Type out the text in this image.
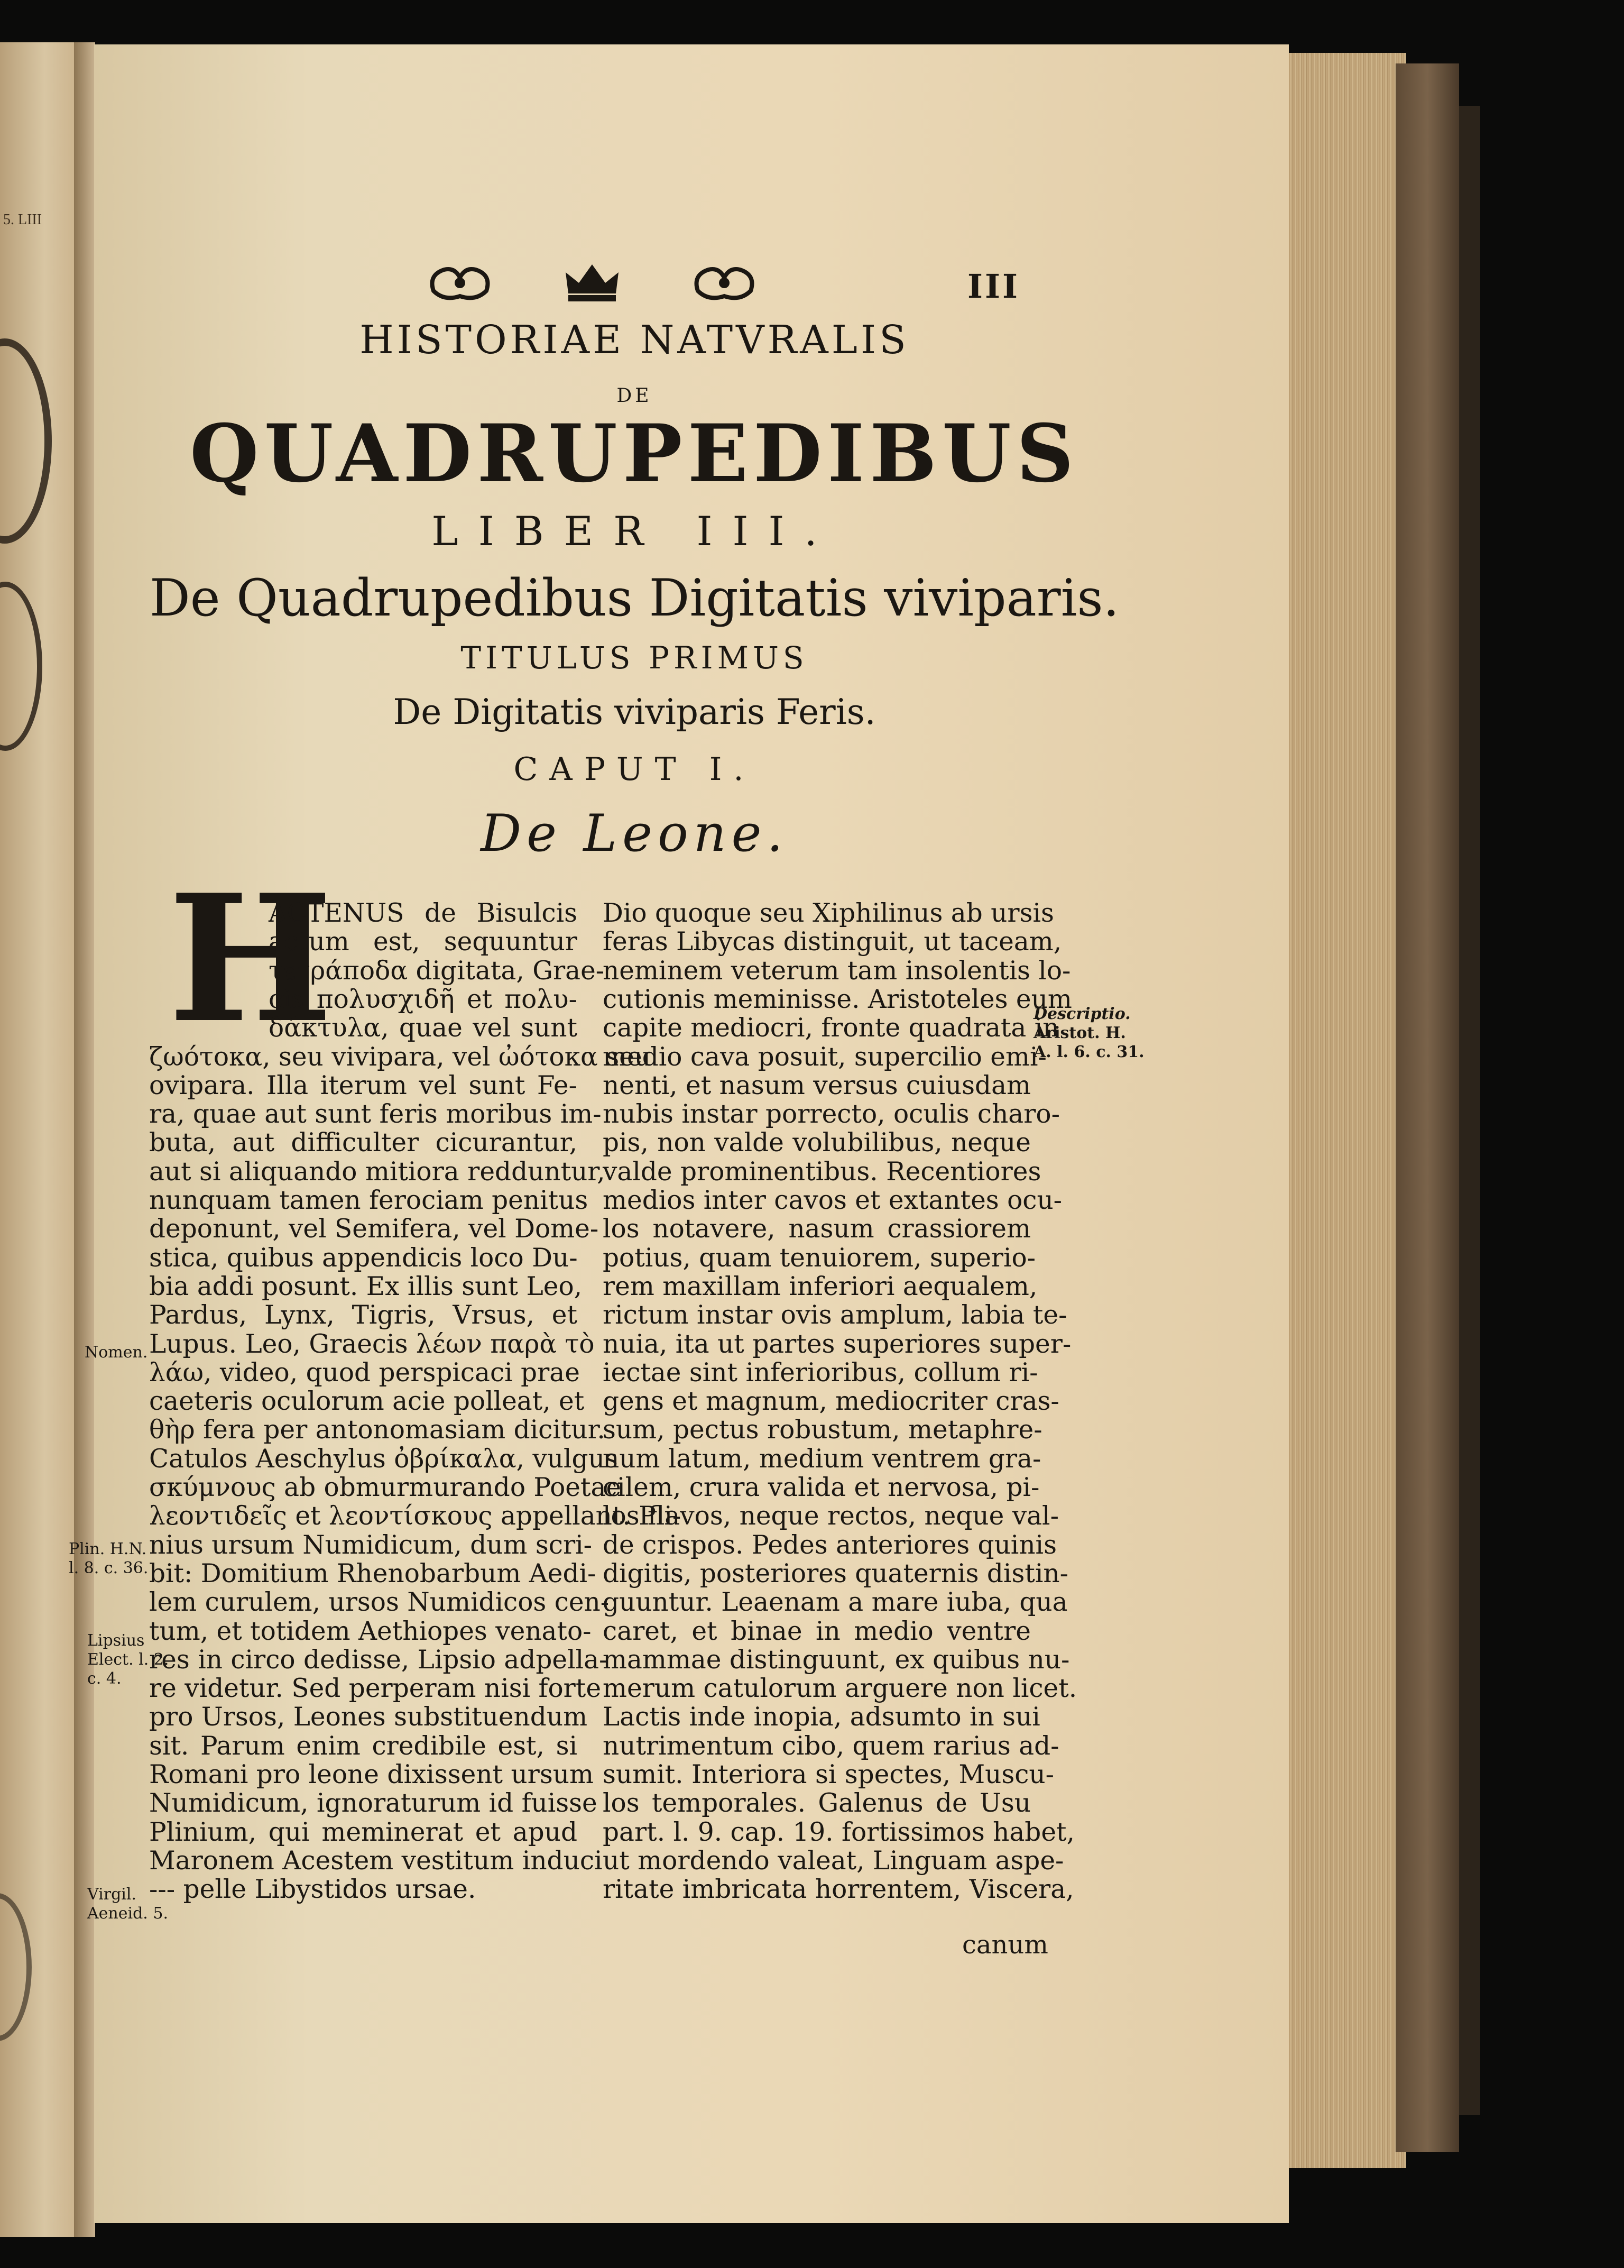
5. LIII
III
HISTORIAE NATVRALIS
DE
QUADRUPEDIBUS
LIBER III.
De Quadrupedibus Digitatis viviparis.
TITULUS PRIMUS
De Digitatis viviparis Feris.
CAPUT I.
De Leone.
H
ACTENUS de Bisulcis
actum est, sequuntur
τετράποδα digitata, Grae-
cis πολυσχιδῆ et πολυ-
δάκτυλα, quae vel sunt
ζωότοκα, seu vivipara, vel ὠότοκα seu
ovipara. Illa iterum vel sunt Fe-
ra, quae aut sunt feris moribus im-
buta, aut difficulter cicurantur,
aut si aliquando mitiora redduntur,
nunquam tamen ferociam penitus
deponunt, vel Semifera, vel Dome-
stica, quibus appendicis loco Du-
bia addi posunt. Ex illis sunt Leo,
Pardus, Lynx, Tigris, Vrsus, et
Lupus. Leo, Graecis λέων παρὰ τὸ
λάω, video, quod perspicaci prae
caeteris oculorum acie polleat, et
θὴρ fera per antonomasiam dicitur.
Catulos Aeschylus ὀβρίκαλα, vulgus
σκύμνους ab obmurmurando Poetae
λεοντιδεῖς et λεοντίσκους appellant. Pli-
nius ursum Numidicum, dum scri-
bit: Domitium Rhenobarbum Aedi-
lem curulem, ursos Numidicos cen-
tum, et totidem Aethiopes venato-
res in circo dedisse, Lipsio adpella-
re videtur. Sed perperam nisi forte
pro Ursos, Leones substituendum
sit. Parum enim credibile est, si
Romani pro leone dixissent ursum
Numidicum, ignoraturum id fuisse
Plinium, qui meminerat et apud
Maronem Acestem vestitum induci
--- pelle Libystidos ursae.
Dio quoque seu Xiphilinus ab ursis
feras Libycas distinguit, ut taceam,
neminem veterum tam insolentis lo-
cutionis meminisse. Aristoteles eum
capite mediocri, fronte quadrata in
medio cava posuit, supercilio emi-
nenti, et nasum versus cuiusdam
nubis instar porrecto, oculis charo-
pis, non valde volubilibus, neque
valde prominentibus. Recentiores
medios inter cavos et extantes ocu-
los notavere, nasum crassiorem
potius, quam tenuiorem, superio-
rem maxillam inferiori aequalem,
rictum instar ovis amplum, labia te-
nuia, ita ut partes superiores super-
iectae sint inferioribus, collum ri-
gens et magnum, mediocriter cras-
sum, pectus robustum, metaphre-
num latum, medium ventrem gra-
cilem, crura valida et nervosa, pi-
los flavos, neque rectos, neque val-
de crispos. Pedes anteriores quinis
digitis, posteriores quaternis distin-
guuntur. Leaenam a mare iuba, qua
caret, et binae in medio ventre
mammae distinguunt, ex quibus nu-
merum catulorum arguere non licet.
Lactis inde inopia, adsumto in sui
nutrimentum cibo, quem rarius ad-
sumit. Interiora si spectes, Muscu-
los temporales. Galenus de Usu
part. l. 9. cap. 19. fortissimos habet,
ut mordendo valeat, Linguam aspe-
ritate imbricata horrentem, Viscera,
Nomen.
Plin. H.N.
l. 8. c. 36.
Lipsius
Elect. l. 2.
c. 4.
Virgil.
Aeneid. 5.
Descriptio.
Aristot. H.
A. l. 6. c. 31.
canum
